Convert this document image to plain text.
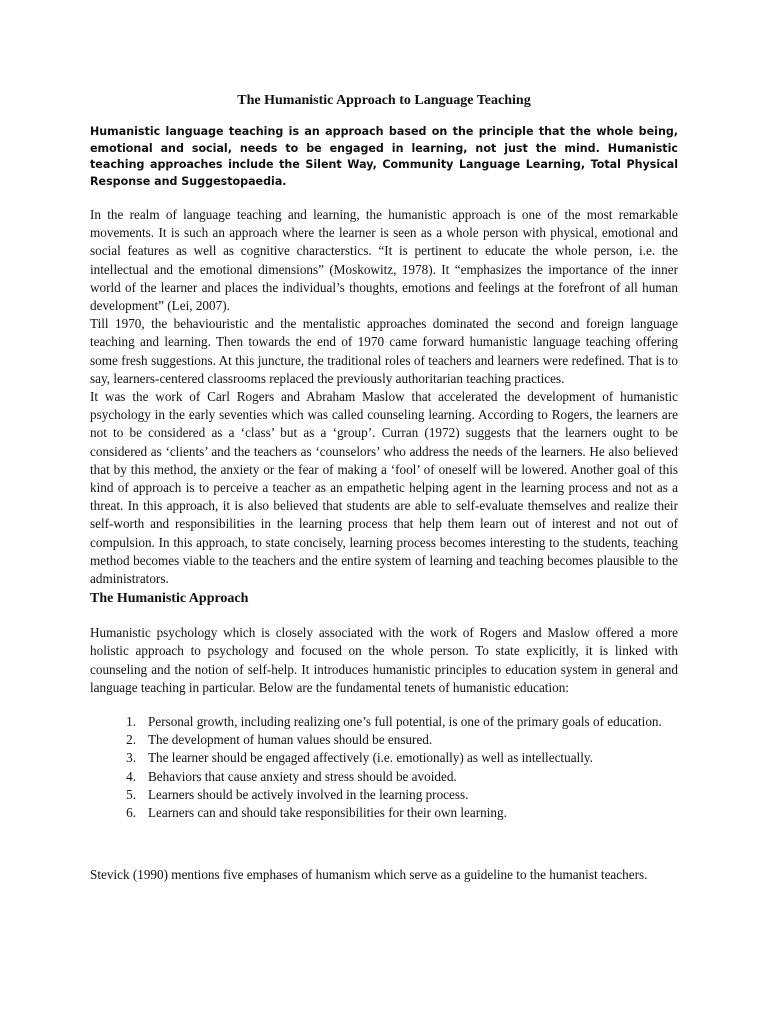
The Humanistic Approach to Language Teaching

Humanistic language teaching is an approach based on the principle that the whole being, emotional and social, needs to be engaged in learning, not just the mind. Humanistic teaching approaches include the Silent Way, Community Language Learning, Total Physical Response and Suggestopaedia.

In the realm of language teaching and learning, the humanistic approach is one of the most remarkable movements. It is such an approach where the learner is seen as a whole person with physical, emotional and social features as well as cognitive characterstics. “It is pertinent to educate the whole person, i.e. the intellectual and the emotional dimensions” (Moskowitz, 1978). It “emphasizes the importance of the inner world of the learner and places the individual’s thoughts, emotions and feelings at the forefront of all human development” (Lei, 2007).

Till 1970, the behaviouristic and the mentalistic approaches dominated the second and foreign language teaching and learning. Then towards the end of 1970 came forward humanistic language teaching offering some fresh suggestions. At this juncture, the traditional roles of teachers and learners were redefined. That is to say, learners-centered classrooms replaced the previously authoritarian teaching practices.

It was the work of Carl Rogers and Abraham Maslow that accelerated the development of humanistic psychology in the early seventies which was called counseling learning. According to Rogers, the learners are not to be considered as a ‘class’ but as a ‘group’. Curran (1972) suggests that the learners ought to be considered as ‘clients’ and the teachers as ‘counselors’ who address the needs of the learners. He also believed that by this method, the anxiety or the fear of making a ‘fool’ of oneself will be lowered. Another goal of this kind of approach is to perceive a teacher as an empathetic helping agent in the learning process and not as a threat. In this approach, it is also believed that students are able to self-evaluate themselves and realize their self-worth and responsibilities in the learning process that help them learn out of interest and not out of compulsion. In this approach, to state concisely, learning process becomes interesting to the students, teaching method becomes viable to the teachers and the entire system of learning and teaching becomes plausible to the administrators.

The Humanistic Approach

Humanistic psychology which is closely associated with the work of Rogers and Maslow offered a more holistic approach to psychology and focused on the whole person. To state explicitly, it is linked with counseling and the notion of self-help. It introduces humanistic principles to education system in general and language teaching in particular. Below are the fundamental tenets of humanistic education:

1. Personal growth, including realizing one’s full potential, is one of the primary goals of education.
2. The development of human values should be ensured.
3. The learner should be engaged affectively (i.e. emotionally) as well as intellectually.
4. Behaviors that cause anxiety and stress should be avoided.
5. Learners should be actively involved in the learning process.
6. Learners can and should take responsibilities for their own learning.

Stevick (1990) mentions five emphases of humanism which serve as a guideline to the humanist teachers.
